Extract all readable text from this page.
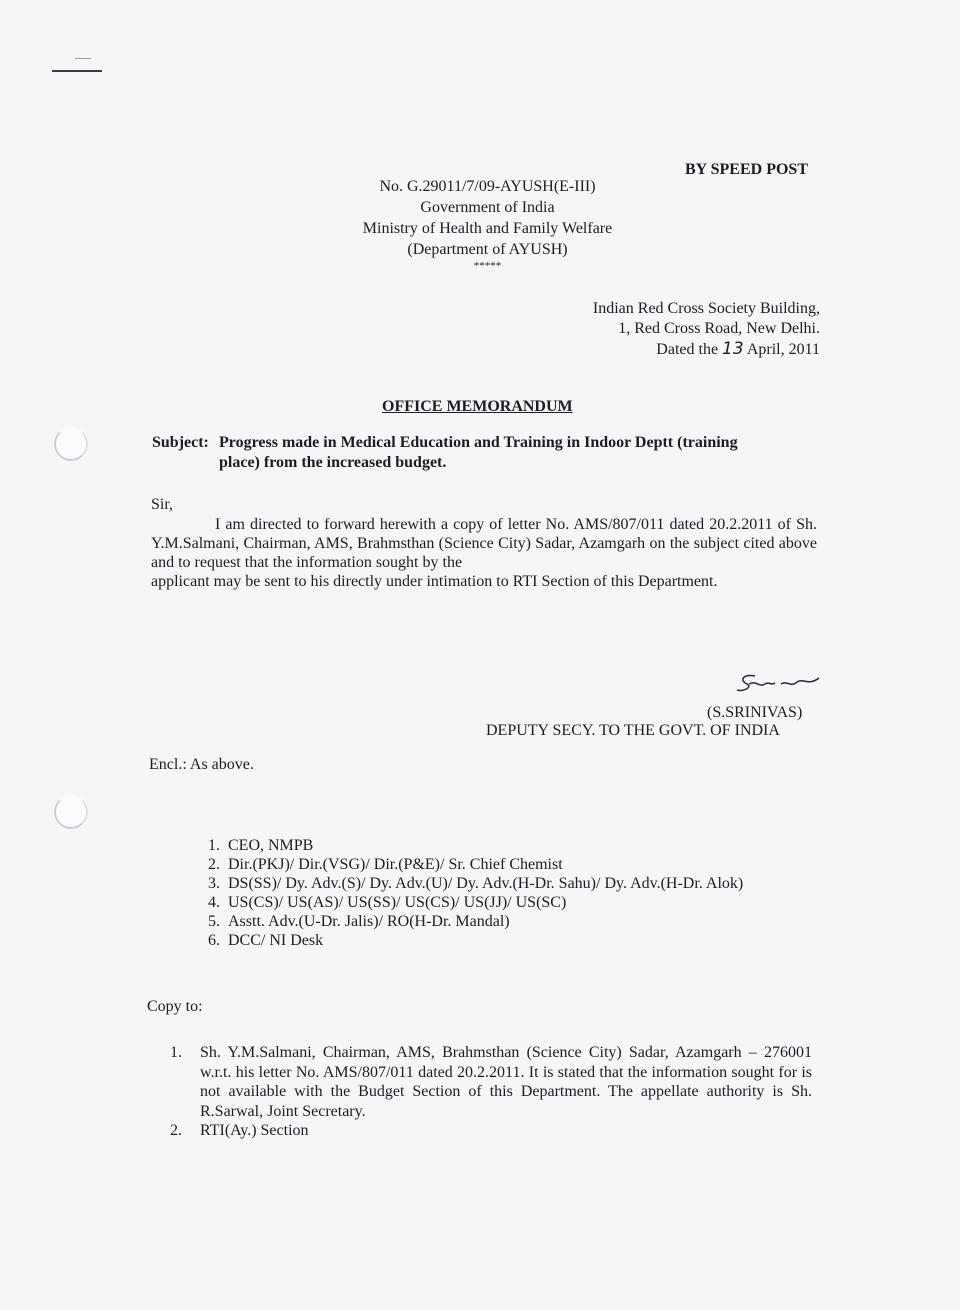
BY SPEED POST
No. G.29011/7/09-AYUSH(E-III)
Government of India
Ministry of Health and Family Welfare
(Department of AYUSH)
*****
Indian Red Cross Society Building,
1, Red Cross Road, New Delhi.
Dated the 13 April, 2011
OFFICE MEMORANDUM
Subject: Progress made in Medical Education and Training in Indoor Deptt (training
place) from the increased budget.
Sir,

I am directed to forward herewith a copy of letter No. AMS/807/011 dated 20.2.2011 of Sh. Y.M.Salmani, Chairman, AMS, Brahmsthan (Science City) Sadar, Azamgarh on the subject cited above and to request that the information sought by the

applicant may be sent to his directly under intimation to RTI Section of this Department.

(S.SRINIVAS)
DEPUTY SECY. TO THE GOVT. OF INDIA
Encl.: As above.
1. CEO, NMPB
2. Dir.(PKJ)/ Dir.(VSG)/ Dir.(P&E)/ Sr. Chief Chemist
3. DS(SS)/ Dy. Adv.(S)/ Dy. Adv.(U)/ Dy. Adv.(H-Dr. Sahu)/ Dy. Adv.(H-Dr. Alok)
4. US(CS)/ US(AS)/ US(SS)/ US(CS)/ US(JJ)/ US(SC)
5. Asstt. Adv.(U-Dr. Jalis)/ RO(H-Dr. Mandal)
6. DCC/ NI Desk
Copy to:
1. Sh. Y.M.Salmani, Chairman, AMS, Brahmsthan (Science City) Sadar, Azamgarh – 276001 w.r.t. his letter No. AMS/807/011 dated 20.2.2011. It is stated that the information sought for is not available with the Budget Section of this Department. The appellate authority is Sh. R.Sarwal, Joint Secretary.
2. RTI(Ay.) Section
